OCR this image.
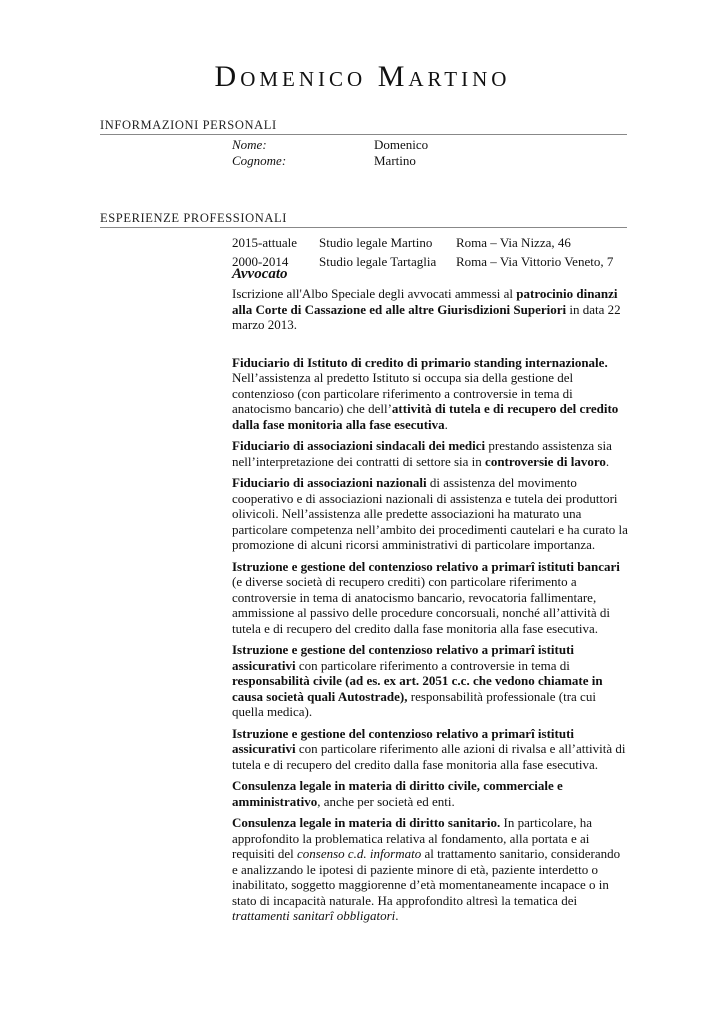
Domenico Martino
INFORMAZIONI PERSONALI
Nome:	Domenico
Cognome:	Martino
ESPERIENZE PROFESSIONALI
2015-attuale	Studio legale Martino	Roma – Via Nizza, 46
2000-2014	Studio legale Tartaglia	Roma – Via Vittorio Veneto, 7
Avvocato

Iscrizione all'Albo Speciale degli avvocati ammessi al patrocinio dinanzi alla Corte di Cassazione ed alle altre Giurisdizioni Superiori in data 22 marzo 2013.

Fiduciario di Istituto di credito di primario standing internazionale. Nell’assistenza al predetto Istituto si occupa sia della gestione del contenzioso (con particolare riferimento a controversie in tema di anatocismo bancario) che dell’attività di tutela e di recupero del credito dalla fase monitoria alla fase esecutiva.

Fiduciario di associazioni sindacali dei medici prestando assistenza sia nell’interpretazione dei contratti di settore sia in controversie di lavoro.

Fiduciario di associazioni nazionali di assistenza del movimento cooperativo e di associazioni nazionali di assistenza e tutela dei produttori olivicoli. Nell’assistenza alle predette associazioni ha maturato una particolare competenza nell’ambito dei procedimenti cautelari e ha curato la promozione di alcuni ricorsi amministrativi di particolare importanza.

Istruzione e gestione del contenzioso relativo a primarî istituti bancari (e diverse società di recupero crediti) con particolare riferimento a controversie in tema di anatocismo bancario, revocatoria fallimentare, ammissione al passivo delle procedure concorsuali, nonché all’attività di tutela e di recupero del credito dalla fase monitoria alla fase esecutiva.

Istruzione e gestione del contenzioso relativo a primarî istituti assicurativi con particolare riferimento a controversie in tema di responsabilità civile (ad es. ex art. 2051 c.c. che vedono chiamate in causa società quali Autostrade), responsabilità professionale (tra cui quella medica).

Istruzione e gestione del contenzioso relativo a primarî istituti assicurativi con particolare riferimento alle azioni di rivalsa e all’attività di tutela e di recupero del credito dalla fase monitoria alla fase esecutiva.

Consulenza legale in materia di diritto civile, commerciale e amministrativo, anche per società ed enti.

Consulenza legale in materia di diritto sanitario. In particolare, ha approfondito la problematica relativa al fondamento, alla portata e ai requisiti del consenso c.d. informato al trattamento sanitario, considerando e analizzando le ipotesi di paziente minore di età, paziente interdetto o inabilitato, soggetto maggiorenne d’età momentaneamente incapace o in stato di incapacità naturale. Ha approfondito altresì la tematica dei trattamenti sanitarî obbligatori.
